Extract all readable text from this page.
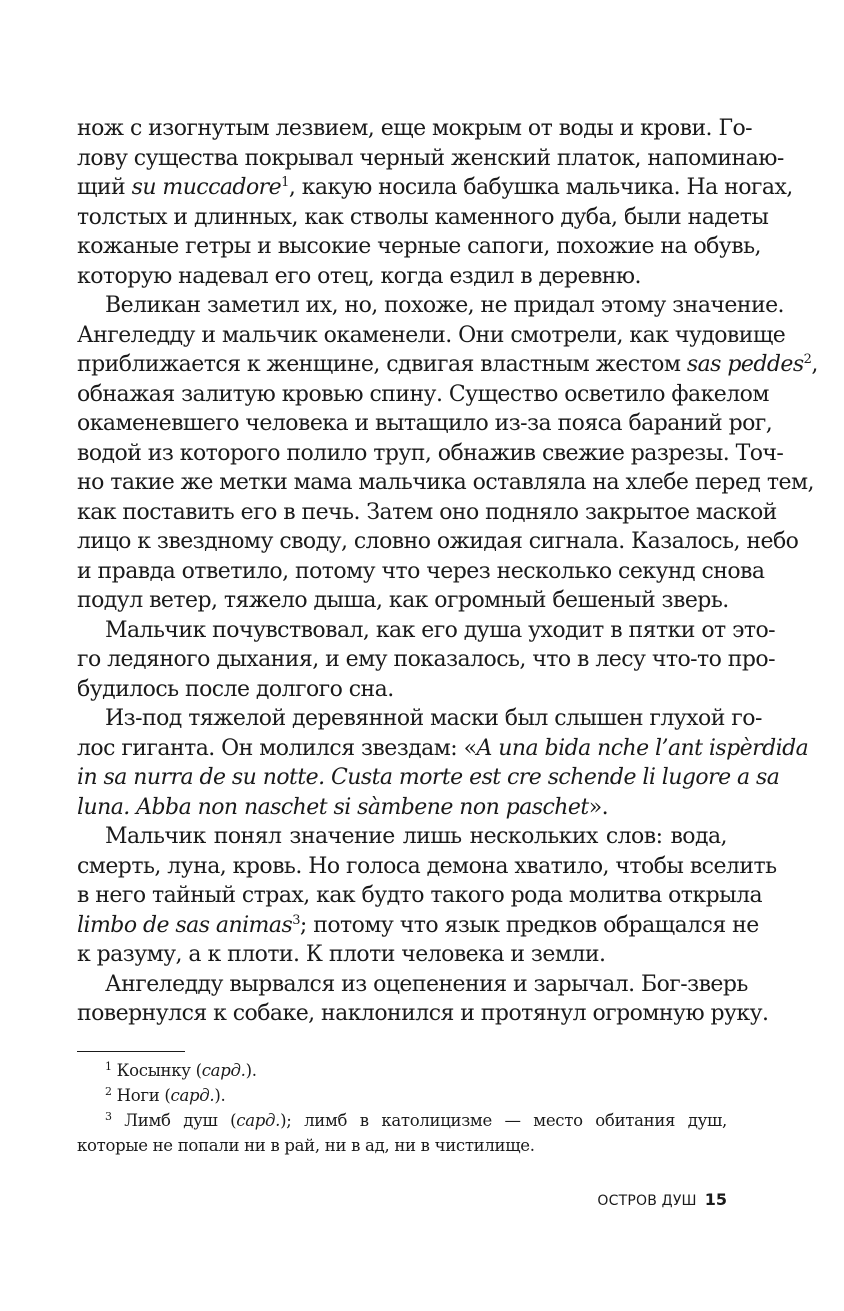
нож с изогнутым лезвием, еще мокрым от воды и крови. Го-
лову существа покрывал черный женский платок, напоминаю-
щий su muccadore$^1$, какую носила бабушка мальчика. На ногах,
толстых и длинных, как стволы каменного дуба, были надеты
кожаные гетры и высокие черные сапоги, похожие на обувь,
которую надевал его отец, когда ездил в деревню.
Великан заметил их, но, похоже, не придал этому значение.
Ангеледду и мальчик окаменели. Они смотрели, как чудовище
приближается к женщине, сдвигая властным жестом sas peddes$^2$,
обнажая залитую кровью спину. Существо осветило факелом
окаменевшего человека и вытащило из-за пояса бараний рог,
водой из которого полило труп, обнажив свежие разрезы. Точ-
но такие же метки мама мальчика оставляла на хлебе перед тем,
как поставить его в печь. Затем оно подняло закрытое маской
лицо к звездному своду, словно ожидая сигнала. Казалось, небо
и правда ответило, потому что через несколько секунд снова
подул ветер, тяжело дыша, как огромный бешеный зверь.
Мальчик почувствовал, как его душа уходит в пятки от это-
го ледяного дыхания, и ему показалось, что в лесу что-то про-
будилось после долгого сна.
Из-под тяжелой деревянной маски был слышен глухой го-
лос гиганта. Он молился звездам: «A una bida nche l’ant ispèrdida
in sa nurra de su notte. Custa morte est cre schende li lugore a sa
luna. Abba non naschet si sàmbene non paschet».
Мальчик понял значение лишь нескольких слов: вода,
смерть, луна, кровь. Но голоса демона хватило, чтобы вселить
в него тайный страх, как будто такого рода молитва открыла
limbo de sas animas$^3$; потому что язык предков обращался не
к разуму, а к плоти. К плоти человека и земли.
Ангеледду вырвался из оцепенения и зарычал. Бог-зверь
повернулся к собаке, наклонился и протянул огромную руку.
$^1$ Косынку (сард.).
$^2$ Ноги (сард.).
$^3$ Лимб душ (сард.); лимб в католицизме — место обитания душ,
которые не попали ни в рай, ни в ад, ни в чистилище.
ОСТРОВ ДУШ 15
